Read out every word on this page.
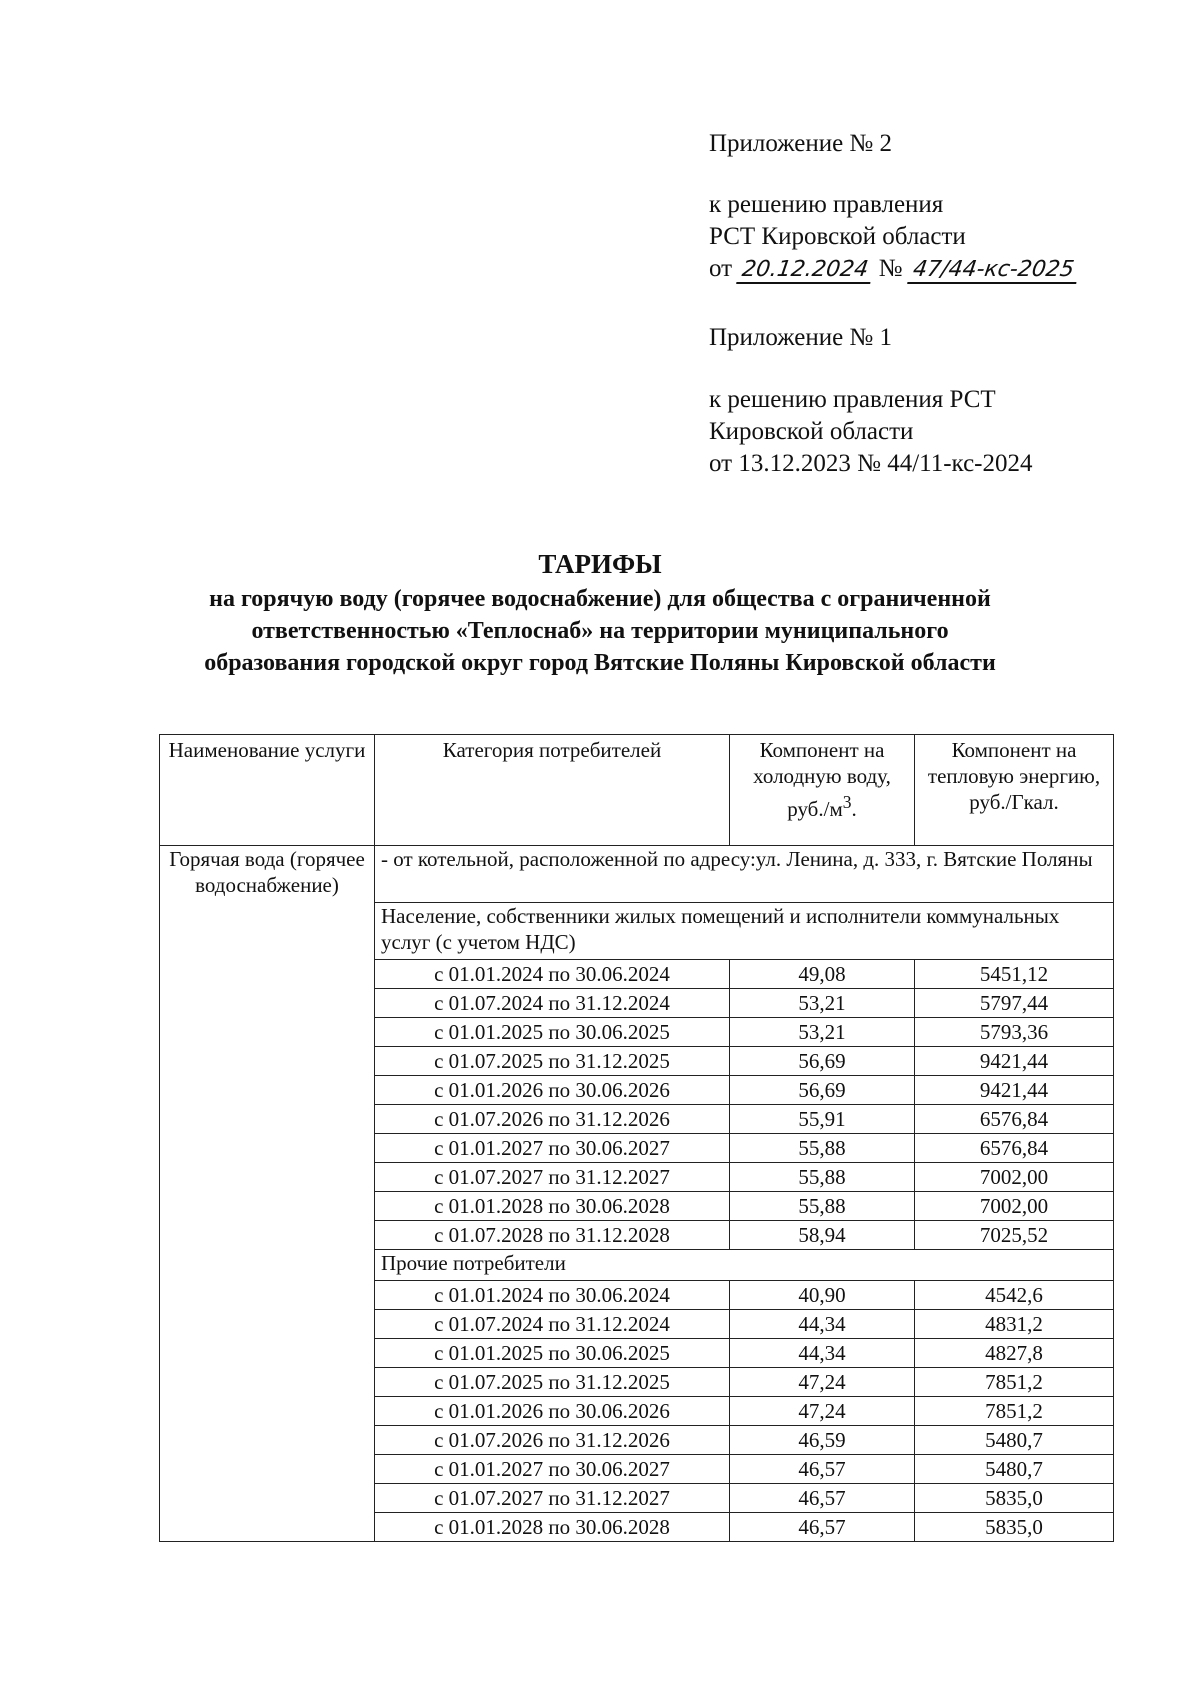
Приложение № 2
к решению правления
РСТ Кировской области
от 20.12.2024 № 47/44-кс-2025
Приложение № 1
к решению правления РСТ
Кировской области
от 13.12.2023 № 44/11-кс-2024
ТАРИФЫ
на горячую воду (горячее водоснабжение) для общества с ограниченной
ответственностью «Теплоснаб» на территории муниципального
образования городской округ город Вятские Поляны Кировской области
Наименование услуги	Категория потребителей	Компонент на холодную воду, $руб./м^3$.	Компонент на тепловую энергию, руб./Гкал.
Горячая вода (горячее водоснабжение)	- от котельной, расположенной по адресу:ул. Ленина, д. 333, г. Вятские Поляны		
	Население, собственники жилых помещений и исполнители коммунальных услуг (с учетом НДС)		
	с 01.01.2024 по 30.06.2024	49,08	5451,12
	с 01.07.2024 по 31.12.2024	53,21	5797,44
	с 01.01.2025 по 30.06.2025	53,21	5793,36
	с 01.07.2025 по 31.12.2025	56,69	9421,44
	с 01.01.2026 по 30.06.2026	56,69	9421,44
	с 01.07.2026 по 31.12.2026	55,91	6576,84
	с 01.01.2027 по 30.06.2027	55,88	6576,84
	с 01.07.2027 по 31.12.2027	55,88	7002,00
	с 01.01.2028 по 30.06.2028	55,88	7002,00
	с 01.07.2028 по 31.12.2028	58,94	7025,52
	Прочие потребители		
	с 01.01.2024 по 30.06.2024	40,90	4542,6
	с 01.07.2024 по 31.12.2024	44,34	4831,2
	с 01.01.2025 по 30.06.2025	44,34	4827,8
	с 01.07.2025 по 31.12.2025	47,24	7851,2
	с 01.01.2026 по 30.06.2026	47,24	7851,2
	с 01.07.2026 по 31.12.2026	46,59	5480,7
	с 01.01.2027 по 30.06.2027	46,57	5480,7
	с 01.07.2027 по 31.12.2027	46,57	5835,0
	с 01.01.2028 по 30.06.2028	46,57	5835,0
